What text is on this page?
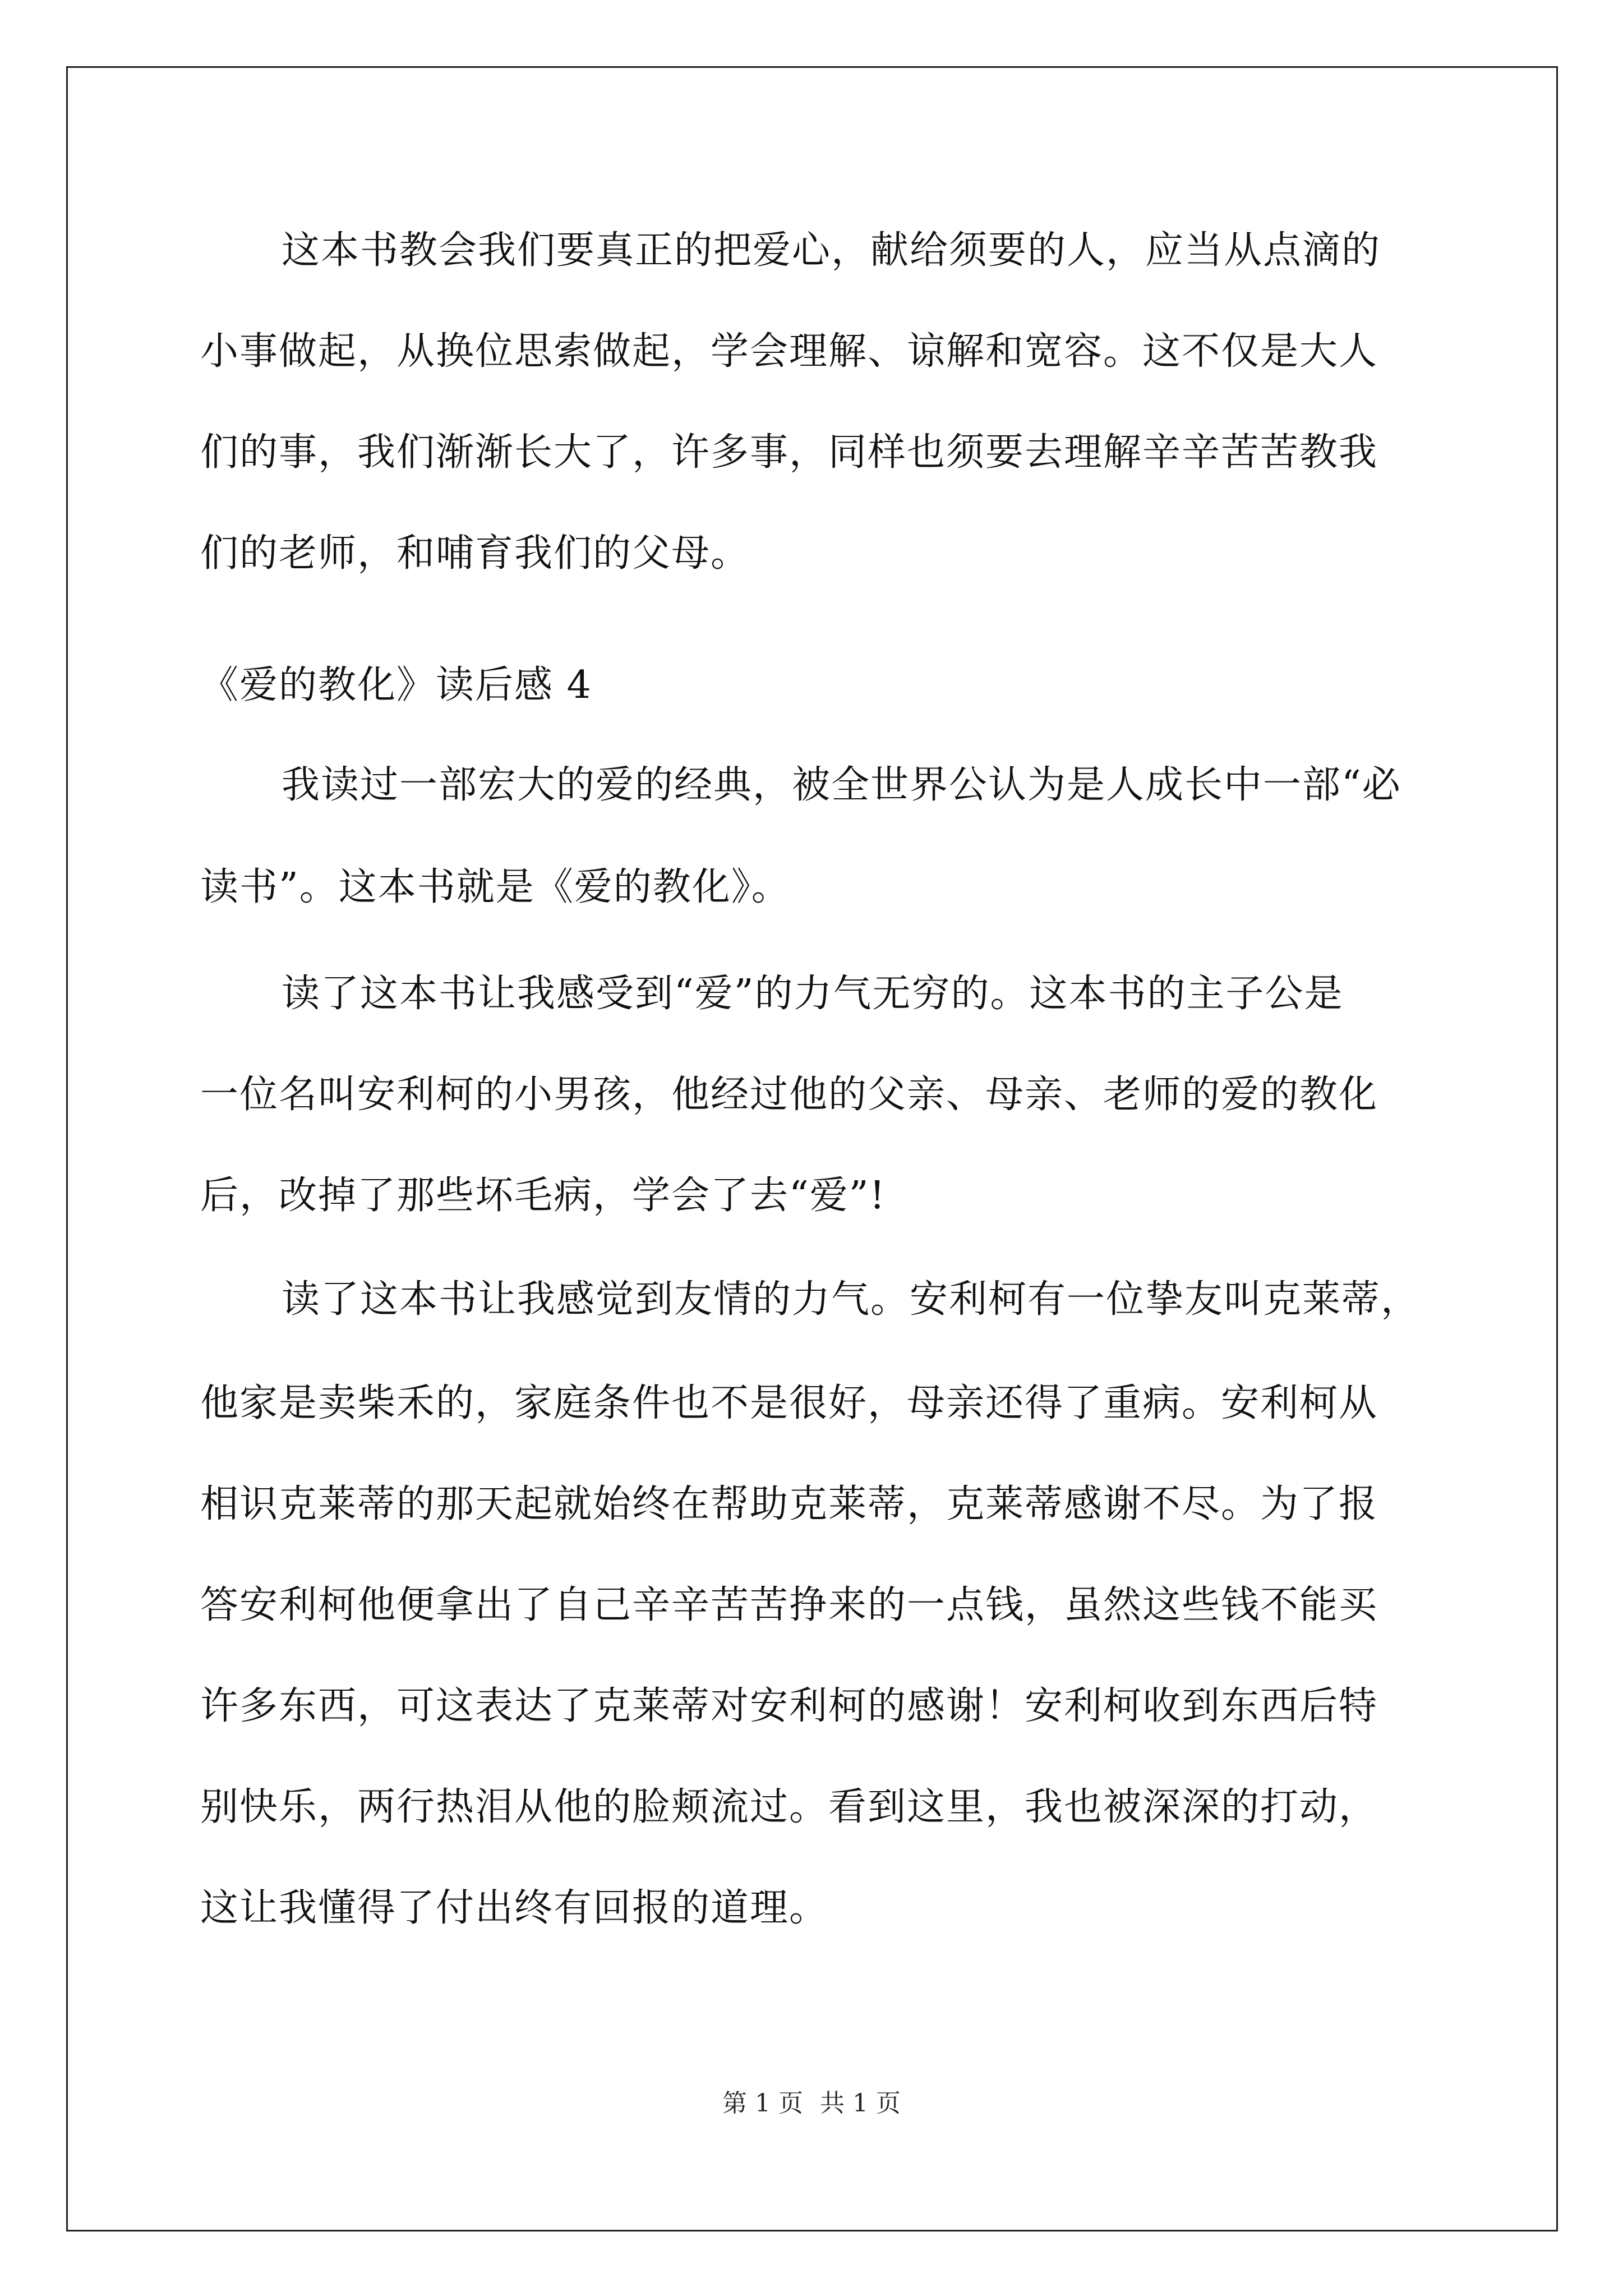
这本书教会我们要真正的把爱心，献给须要的人，应当从点滴的
小事做起，从换位思索做起，学会理解、谅解和宽容。这不仅是大人
们的事，我们渐渐长大了，许多事，同样也须要去理解辛辛苦苦教我
们的老师，和哺育我们的父母。
《爱的教化》读后感 4
我读过一部宏大的爱的经典，被全世界公认为是人成长中一部“必
读书”。这本书就是《爱的教化》。
读了这本书让我感受到“爱”的力气无穷的。这本书的主子公是
一位名叫安利柯的小男孩，他经过他的父亲、母亲、老师的爱的教化
后，改掉了那些坏毛病，学会了去“爱”!
读了这本书让我感觉到友情的力气。安利柯有一位挚友叫克莱蒂，
他家是卖柴禾的，家庭条件也不是很好，母亲还得了重病。安利柯从
相识克莱蒂的那天起就始终在帮助克莱蒂，克莱蒂感谢不尽。为了报
答安利柯他便拿出了自己辛辛苦苦挣来的一点钱，虽然这些钱不能买
许多东西，可这表达了克莱蒂对安利柯的感谢！安利柯收到东西后特
别快乐，两行热泪从他的脸颊流过。看到这里，我也被深深的打动，
这让我懂得了付出终有回报的道理。
第 1 页 共 1 页
